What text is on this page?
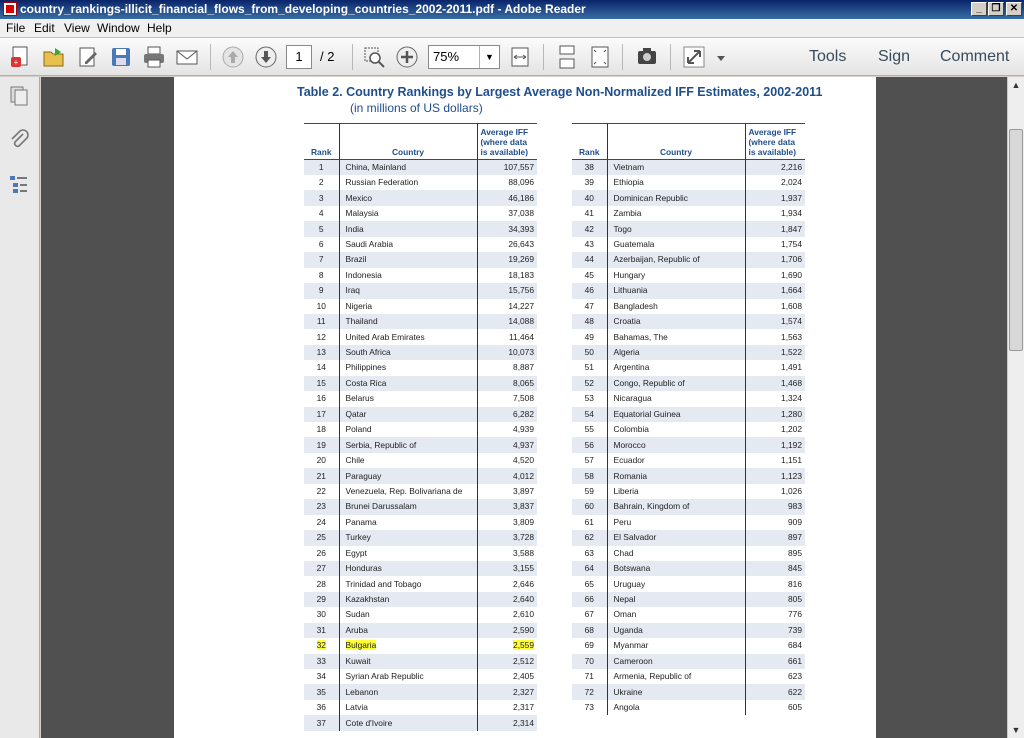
country_rankings-illicit_financial_flows_from_developing_countries_2002-2011.pdf - Adobe Reader	_ ❐ ✕
File Edit View Window Help
+	1	/ 2	75%	▼	Tools Sign Comment
Table 2. Country Rankings by Largest Average Non-Normalized IFF Estimates, 2002-2011
(in millions of US dollars)
Rank	Country	Average IFF
(where data
is available)
1	China, Mainland	107,557
2	Russian Federation	88,096
3	Mexico	46,186
4	Malaysia	37,038
5	India	34,393
6	Saudi Arabia	26,643
7	Brazil	19,269
8	Indonesia	18,183
9	Iraq	15,756
10	Nigeria	14,227
11	Thailand	14,088
12	United Arab Emirates	11,464
13	South Africa	10,073
14	Philippines	8,887
15	Costa Rica	8,065
16	Belarus	7,508
17	Qatar	6,282
18	Poland	4,939
19	Serbia, Republic of	4,937
20	Chile	4,520
21	Paraguay	4,012
22	Venezuela, Rep. Bolivariana de	3,897
23	Brunei Darussalam	3,837
24	Panama	3,809
25	Turkey	3,728
26	Egypt	3,588
27	Honduras	3,155
28	Trinidad and Tobago	2,646
29	Kazakhstan	2,640
30	Sudan	2,610
31	Aruba	2,590
32	Bulgaria	2,559
33	Kuwait	2,512
34	Syrian Arab Republic	2,405
35	Lebanon	2,327
36	Latvia	2,317
37	Cote d'Ivoire	2,314
Rank	Country	Average IFF
(where data
is available)
38	Vietnam	2,216
39	Ethiopia	2,024
40	Dominican Republic	1,937
41	Zambia	1,934
42	Togo	1,847
43	Guatemala	1,754
44	Azerbaijan, Republic of	1,706
45	Hungary	1,690
46	Lithuania	1,664
47	Bangladesh	1,608
48	Croatia	1,574
49	Bahamas, The	1,563
50	Algeria	1,522
51	Argentina	1,491
52	Congo, Republic of	1,468
53	Nicaragua	1,324
54	Equatorial Guinea	1,280
55	Colombia	1,202
56	Morocco	1,192
57	Ecuador	1,151
58	Romania	1,123
59	Liberia	1,026
60	Bahrain, Kingdom of	983
61	Peru	909
62	El Salvador	897
63	Chad	895
64	Botswana	845
65	Uruguay	816
66	Nepal	805
67	Oman	776
68	Uganda	739
69	Myanmar	684
70	Cameroon	661
71	Armenia, Republic of	623
72	Ukraine	622
73	Angola	605
▲
▼
